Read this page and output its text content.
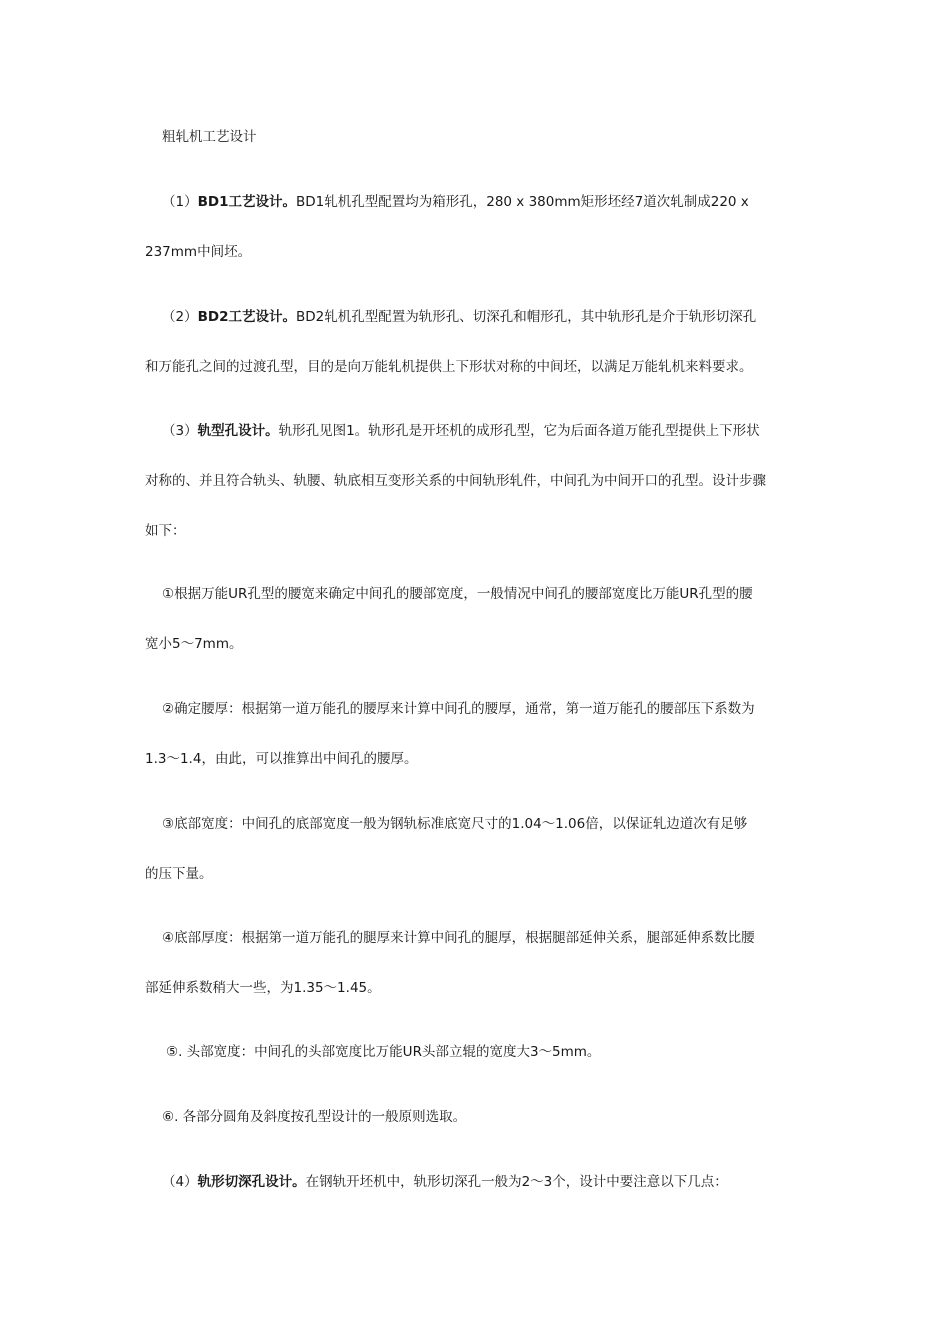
粗轧机工艺设计
（1）BD1工艺设计。BD1轧机孔型配置均为箱形孔，280 x 380mm矩形坯经7道次轧制成220 x
237mm中间坯。
（2）BD2工艺设计。BD2轧机孔型配置为轨形孔、切深孔和帽形孔，其中轨形孔是介于轨形切深孔
和万能孔之间的过渡孔型，目的是向万能轧机提供上下形状对称的中间坯，以满足万能轧机来料要求。
（3）轨型孔设计。轨形孔见图1。轨形孔是开坯机的成形孔型，它为后面各道万能孔型提供上下形状
对称的、并且符合轨头、轨腰、轨底相互变形关系的中间轨形轧件，中间孔为中间开口的孔型。设计步骤
如下：
①根据万能UR孔型的腰宽来确定中间孔的腰部宽度，一般情况中间孔的腰部宽度比万能UR孔型的腰
宽小5～7mm。
②确定腰厚：根据第一道万能孔的腰厚来计算中间孔的腰厚，通常，第一道万能孔的腰部压下系数为
1.3～1.4，由此，可以推算出中间孔的腰厚。
③底部宽度：中间孔的底部宽度一般为钢轨标准底宽尺寸的1.04～1.06倍，以保证轧边道次有足够
的压下量。
④底部厚度：根据第一道万能孔的腿厚来计算中间孔的腿厚，根据腿部延伸关系，腿部延伸系数比腰
部延伸系数稍大一些，为1.35～1.45。
⑤. 头部宽度：中间孔的头部宽度比万能UR头部立辊的宽度大3～5mm。
⑥. 各部分圆角及斜度按孔型设计的一般原则选取。
（4）轨形切深孔设计。在钢轨开坯机中，轨形切深孔一般为2～3个，设计中要注意以下几点：
